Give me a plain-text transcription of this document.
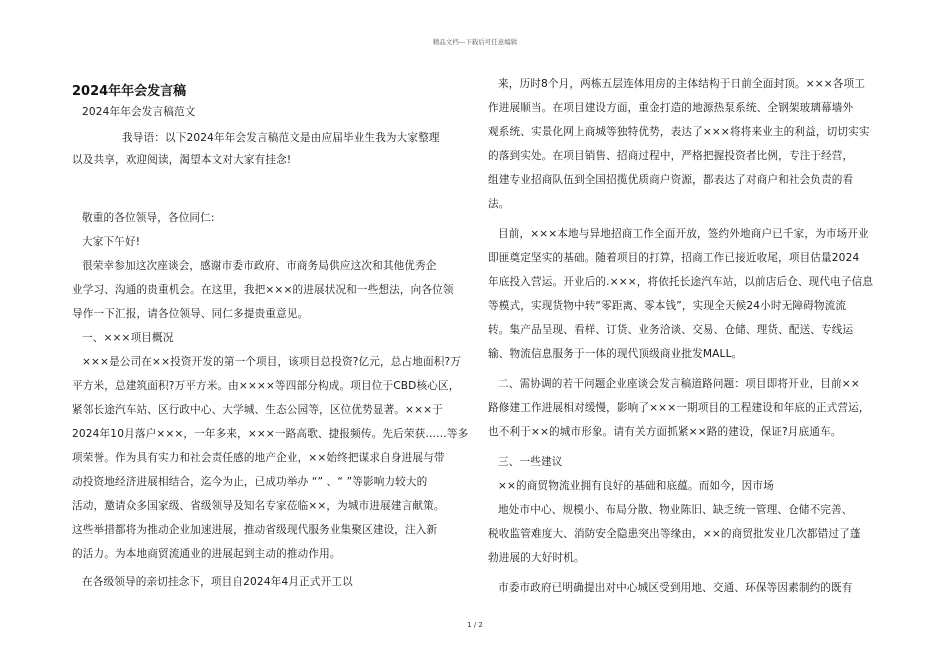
精品文档---下载后可任意编辑
2024年年会发言稿
2024年年会发言稿范文
我导语：以下2024年年会发言稿范文是由应届毕业生我为大家整理
以及共享，欢迎阅读，渴望本文对大家有挂念!
敬重的各位领导，各位同仁:
大家下午好!
很荣幸参加这次座谈会，感谢市委市政府、市商务局供应这次和其他优秀企
业学习、沟通的贵重机会。在这里，我把×××的进展状况和一些想法，向各位领
导作一下汇报，请各位领导、同仁多提贵重意见。
一、×××项目概况
×××是公司在××投资开发的第一个项目，该项目总投资?亿元，总占地面积?万
平方米，总建筑面积?万平方米。由××××等四部分构成。项目位于CBD核心区，
紧邻长途汽车站、区行政中心、大学城、生态公园等，区位优势显著。×××于
2024年10月落户×××，一年多来，×××一路高歌、捷报频传。先后荣获……等多
项荣誉。作为具有实力和社会责任感的地产企业，××始终把谋求自身进展与带
动投资地经济进展相结合，迄今为止，已成功举办 “” 、“ ”等影响力较大的
活动，邀请众多国家级、省级领导及知名专家莅临××，为城市进展建言献策。
这些举措都将为推动企业加速进展，推动省级现代服务业集聚区建设，注入新
的活力。为本地商贸流通业的进展起到主动的推动作用。
在各级领导的亲切挂念下，项目自2024年4月正式开工以
来，历时8个月，两栋五层连体用房的主体结构于日前全面封顶。×××各项工
作进展顺当。在项目建设方面，重金打造的地源热泵系统、全钢架玻璃幕墙外
观系统、实景化网上商城等独特优势，表达了×××将将来业主的利益，切切实实
的落到实处。在项目销售、招商过程中，严格把握投资者比例，专注于经营，
组建专业招商队伍到全国招揽优质商户资源，都表达了对商户和社会负责的看
法。
目前，×××本地与异地招商工作全面开放，签约外地商户已千家，为市场开业
即匪奠定坚实的基础。随着项目的打算，招商工作已接近收尾，项目估量2024
年底投入营运。开业后的.×××，将依托长途汽车站，以前店后仓、现代电子信息
等模式，实现货物中转“零距离、零本钱”，实现全天候24小时无障碍物流流
转。集产品呈现、看样、订货、业务洽谈、交易、仓储、理货、配送、专线运
输、物流信息服务于一体的现代顶级商业批发MALL。
二、需协调的若干问题企业座谈会发言稿道路问题：项目即将开业，目前××
路修建工作进展相对缓慢，影响了×××一期项目的工程建设和年底的正式营运，
也不利于××的城市形象。请有关方面抓紧××路的建设，保证?月底通车。
三、一些建议
××的商贸物流业拥有良好的基础和底蕴。而如今，因市场
地处市中心、规模小、布局分散、物业陈旧、缺乏统一管理、仓储不完善、
税收监管难度大、消防安全隐患突出等缘由，××的商贸批发业几次都错过了蓬
勃进展的大好时机。
市委市政府已明确提出对中心城区受到用地、交通、环保等因素制约的既有
1 / 2
